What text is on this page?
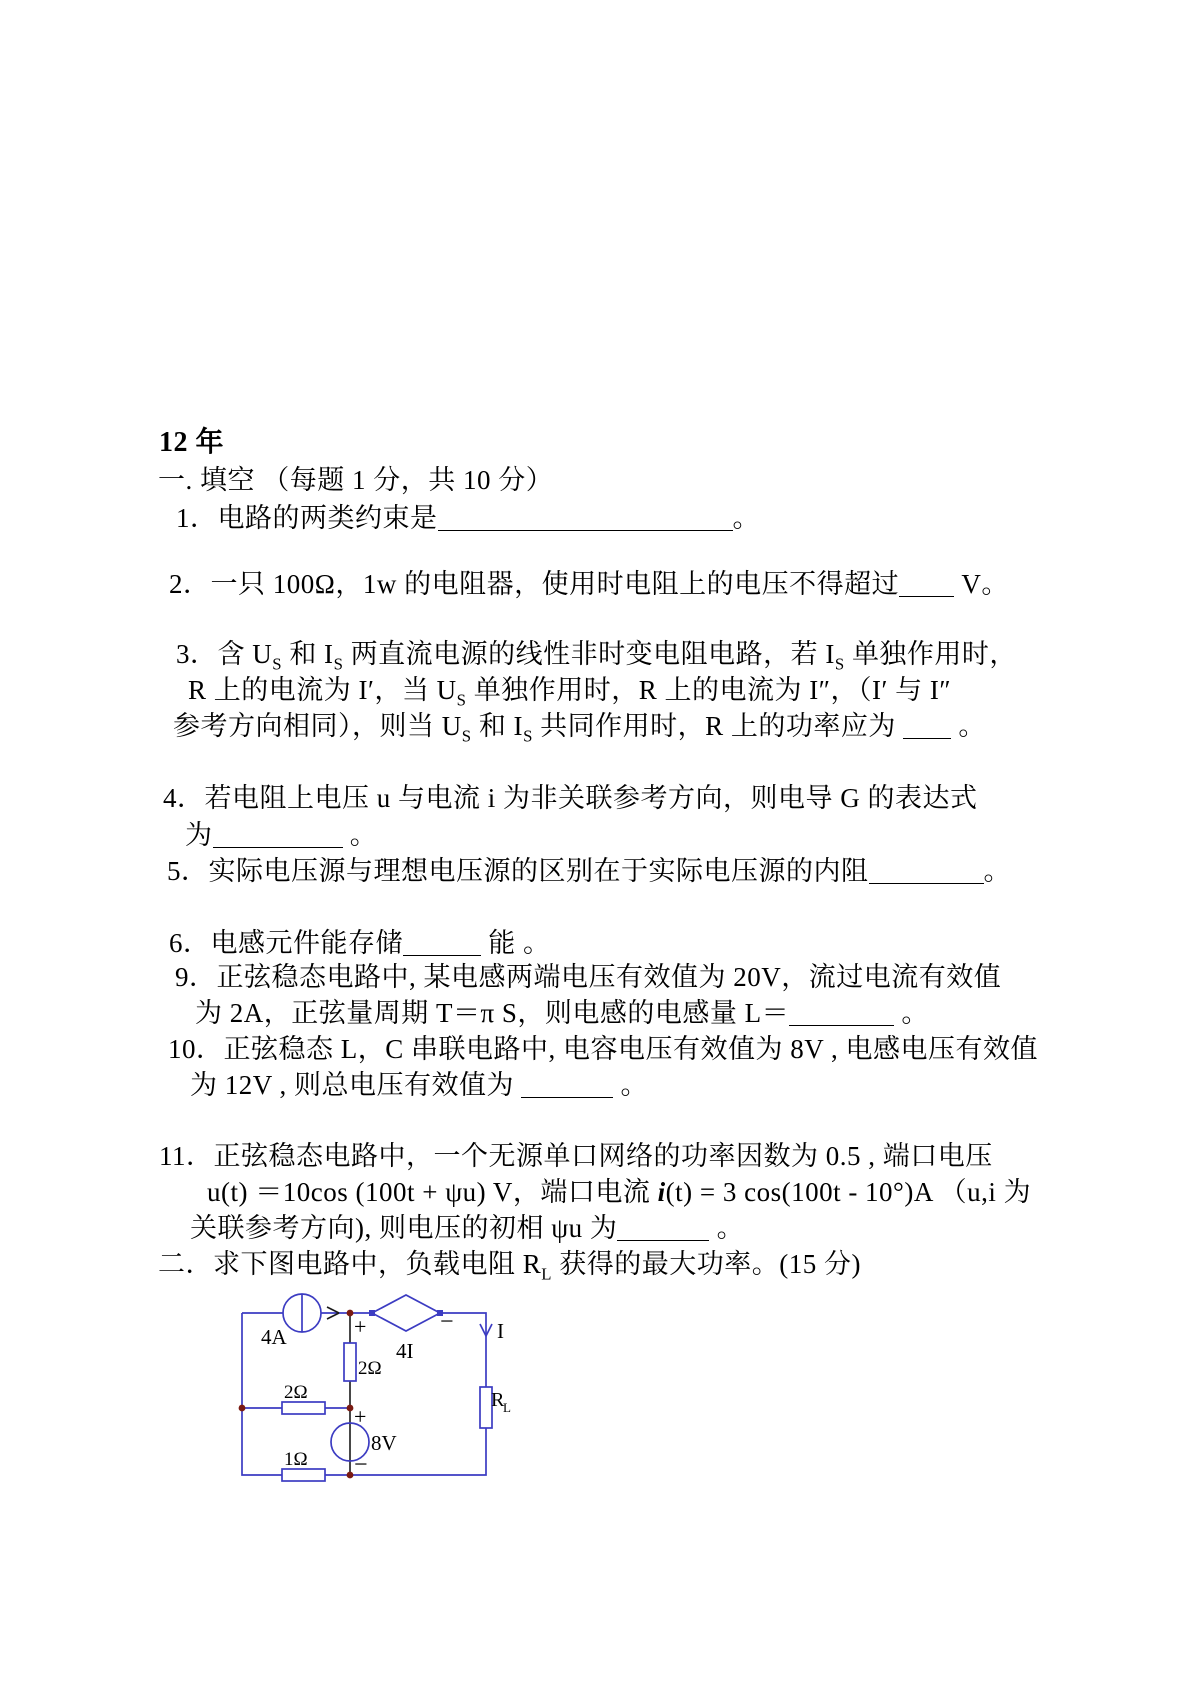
12 年
一. 填空 （每题 1 分，共 10 分）
1．电路的两类约束是	。
2．一只 100Ω，1w 的电阻器，使用时电阻上的电压不得超过 V。
3．含 $U_S$ 和 $I_S$ 两直流电源的线性非时变电阻电路，若 $I_S$ 单独作用时，
R 上的电流为 I′，当 $U_S$ 单独作用时，R 上的电流为 I″，（I′ 与 I″
参考方向相同），则当 $U_S$ 和 $I_S$ 共同作用时，R 上的功率应为  。
4．若电阻上电压 u 与电流 i 为非关联参考方向，则电导 G 的表达式
为	。
5．实际电压源与理想电压源的区别在于实际电压源的内阻	。
6．电感元件能存储	能 。
9．正弦稳态电路中, 某电感两端电压有效值为 20V，流过电流有效值
为 2A，正弦量周期 T＝π S，则电感的电感量 L＝	。
10．正弦稳态 L，C 串联电路中, 电容电压有效值为 8V , 电感电压有效值
为 12V , 则总电压有效值为	。
11．正弦稳态电路中，一个无源单口网络的功率因数为 0.5 , 端口电压
u(t) ＝10cos (100t + ψu) V，端口电流 i(t) = 3 cos(100t - 10°)A （u,i 为
关联参考方向), 则电压的初相 ψu 为	。
二．求下图电路中，负载电阻 $R_L$ 获得的最大功率。(15 分)
4A	+	−
4I
I
2Ω
2Ω
+
8V
−
1Ω
R
L
